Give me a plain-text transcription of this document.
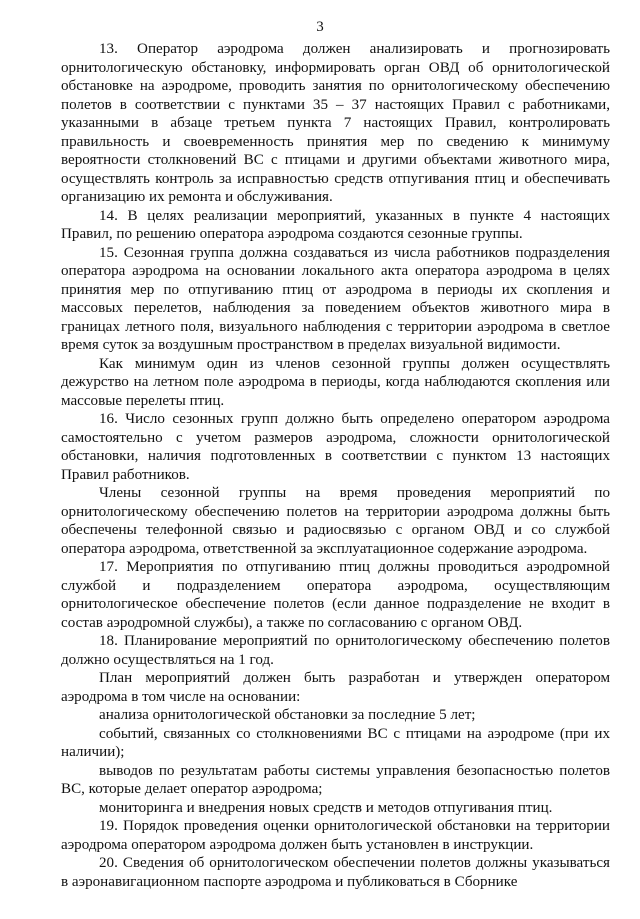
3

13. Оператор аэродрома должен анализировать и прогнозировать орнитологическую обстановку, информировать орган ОВД об орнитологической обстановке на аэродроме, проводить занятия по орнитологическому обеспечению полетов в соответствии с пунктами 35 – 37 настоящих Правил с работниками, указанными в абзаце третьем пункта 7 настоящих Правил, контролировать правильность и своевременность принятия мер по сведению к минимуму вероятности столкновений ВС с птицами и другими объектами животного мира, осуществлять контроль за исправностью средств отпугивания птиц и обеспечивать организацию их ремонта и обслуживания.

14. В целях реализации мероприятий, указанных в пункте 4 настоящих Правил, по решению оператора аэродрома создаются сезонные группы.

15. Сезонная группа должна создаваться из числа работников подразделения оператора аэродрома на основании локального акта оператора аэродрома в целях принятия мер по отпугиванию птиц от аэродрома в периоды их скопления и массовых перелетов, наблюдения за поведением объектов животного мира в границах летного поля, визуального наблюдения с территории аэродрома в светлое время суток за воздушным пространством в пределах визуальной видимости.

Как минимум один из членов сезонной группы должен осуществлять дежурство на летном поле аэродрома в периоды, когда наблюдаются скопления или массовые перелеты птиц.

16. Число сезонных групп должно быть определено оператором аэродрома самостоятельно с учетом размеров аэродрома, сложности орнитологической обстановки, наличия подготовленных в соответствии с пунктом 13 настоящих Правил работников.

Члены сезонной группы на время проведения мероприятий по орнитологическому обеспечению полетов на территории аэродрома должны быть обеспечены телефонной связью и радиосвязью с органом ОВД и со службой оператора аэродрома, ответственной за эксплуатационное содержание аэродрома.

17. Мероприятия по отпугиванию птиц должны проводиться аэродромной службой и подразделением оператора аэродрома, осуществляющим орнитологическое обеспечение полетов (если данное подразделение не входит в состав аэродромной службы), а также по согласованию с органом ОВД.

18. Планирование мероприятий по орнитологическому обеспечению полетов должно осуществляться на 1 год.

План мероприятий должен быть разработан и утвержден оператором аэродрома в том числе на основании:

анализа орнитологической обстановки за последние 5 лет;

событий, связанных со столкновениями ВС с птицами на аэродроме (при их наличии);

выводов по результатам работы системы управления безопасностью полетов ВС, которые делает оператор аэродрома;

мониторинга и внедрения новых средств и методов отпугивания птиц.

19. Порядок проведения оценки орнитологической обстановки на территории аэродрома оператором аэродрома должен быть установлен в инструкции.

20. Сведения об орнитологическом обеспечении полетов должны указываться в аэронавигационном паспорте аэродрома и публиковаться в Сборнике
